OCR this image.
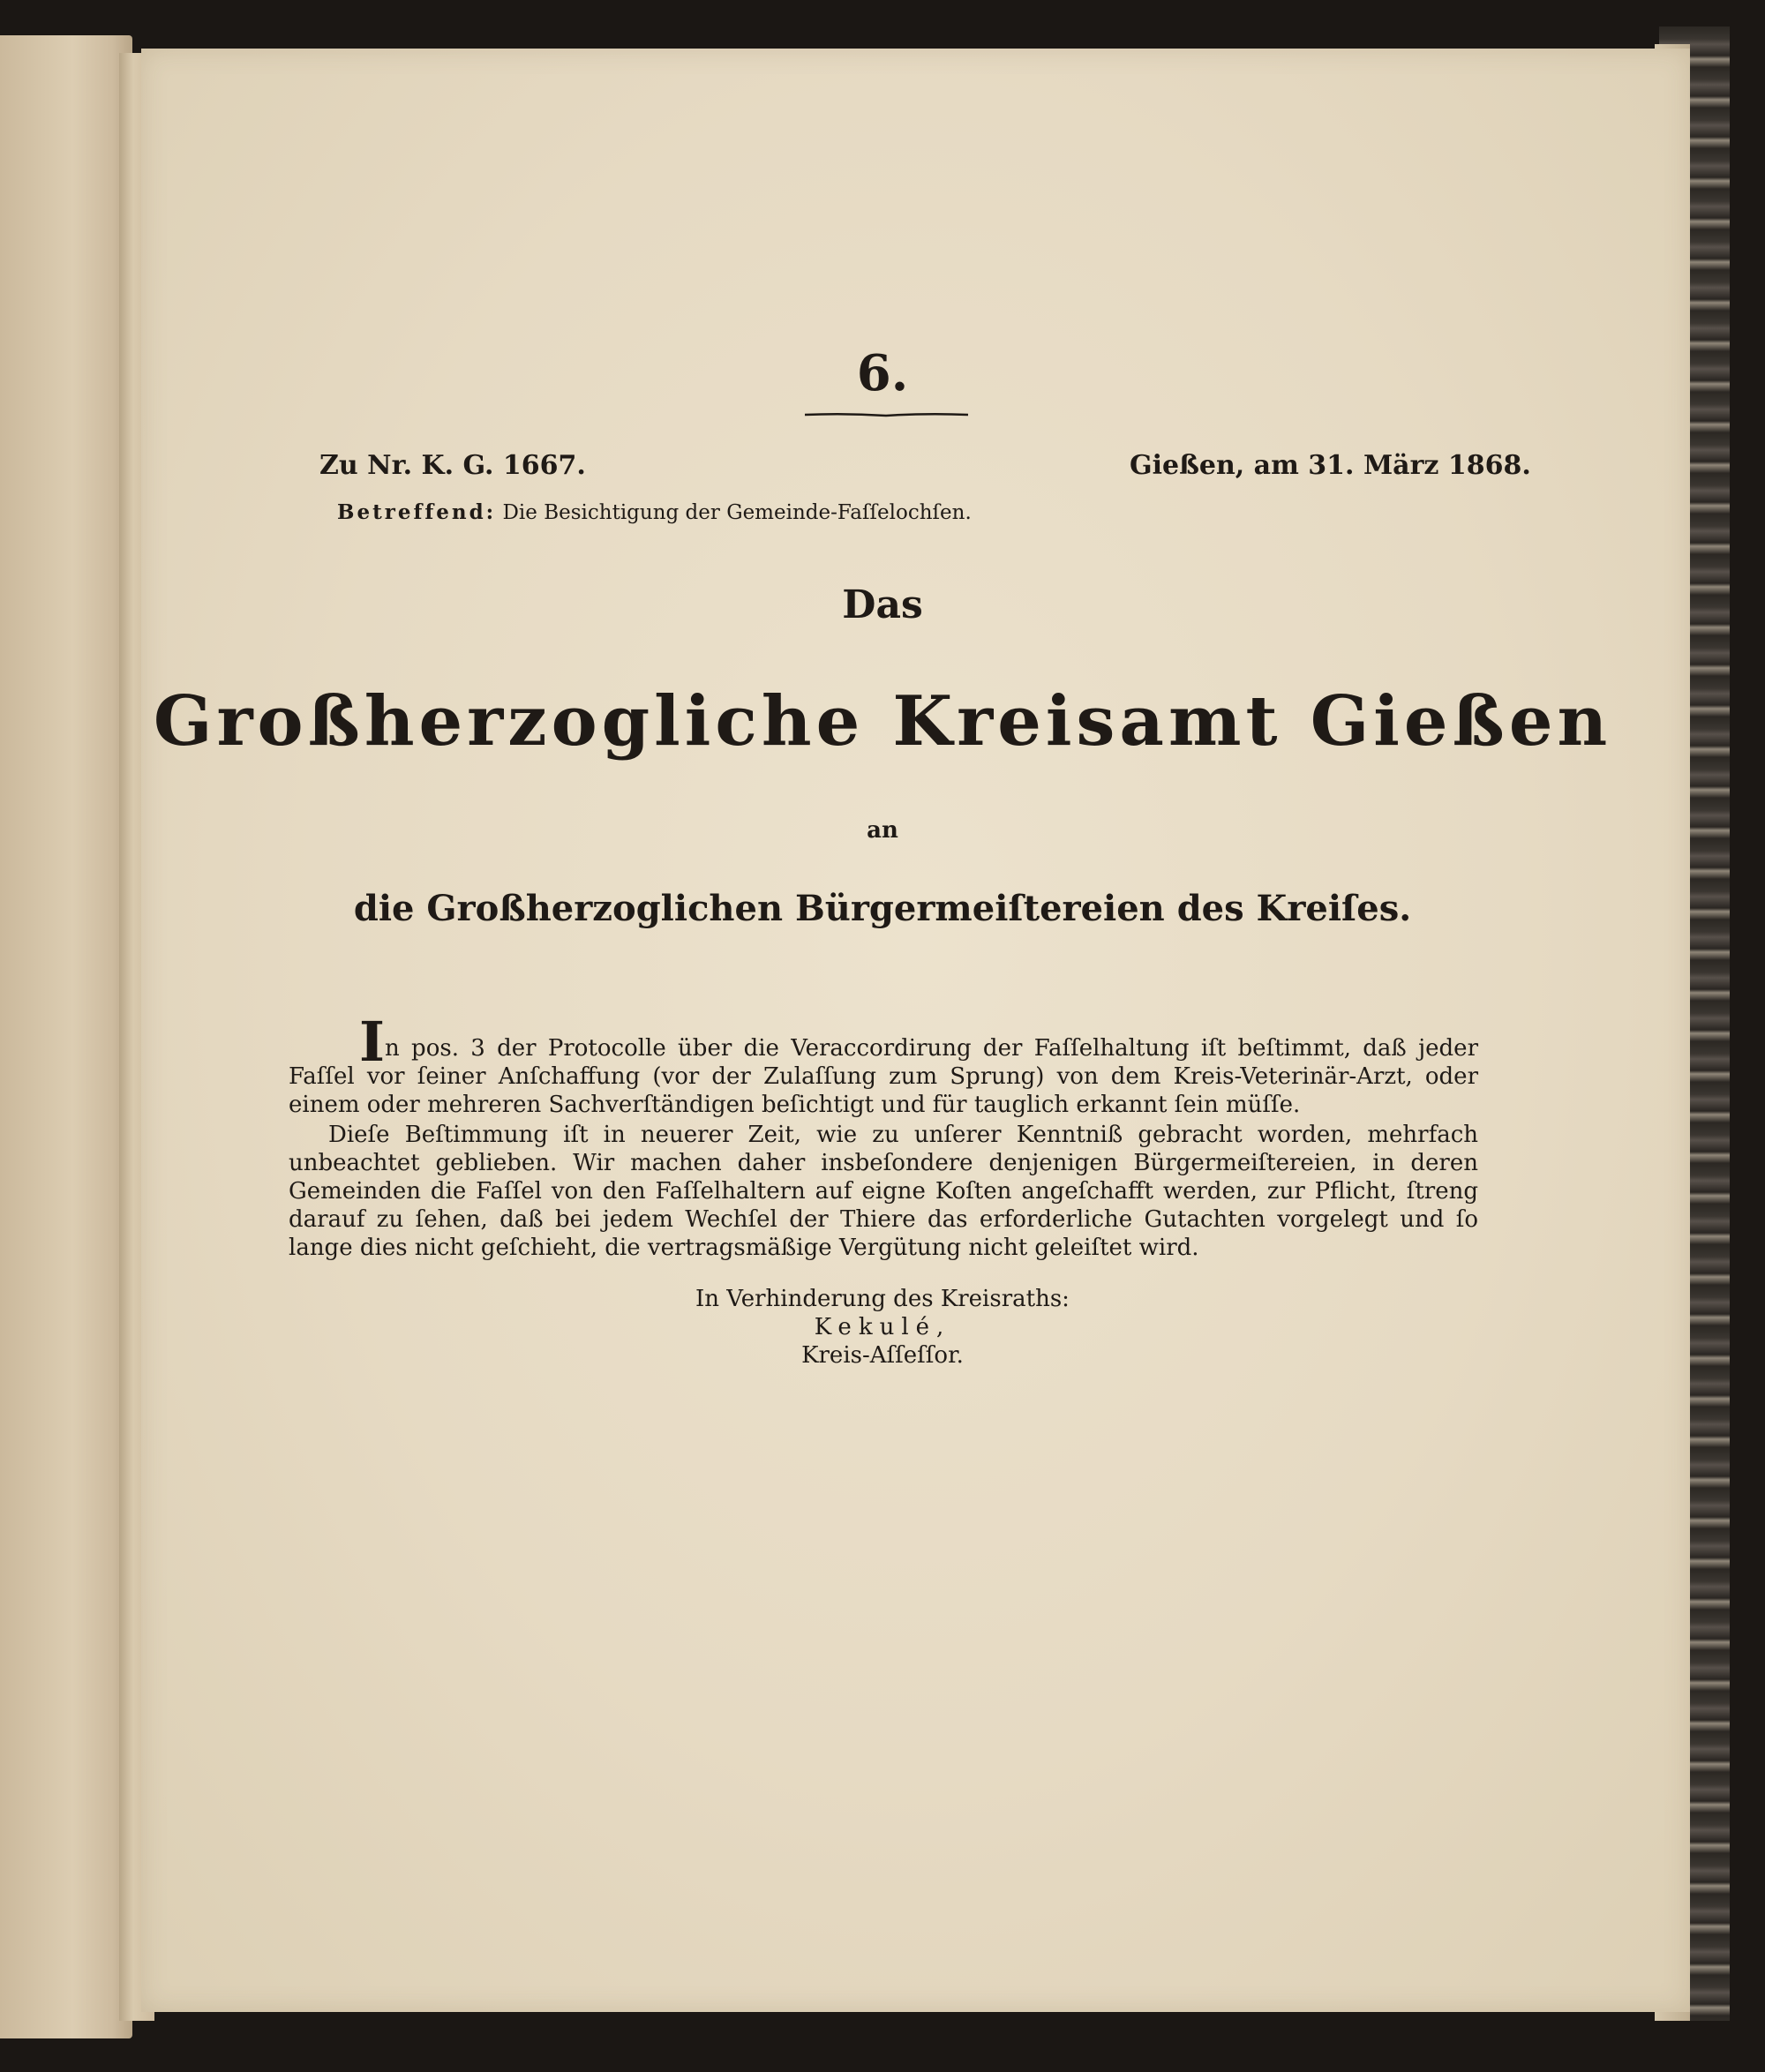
6.
Zu Nr. K. G. 1667.	Gießen, am 31. März 1868.
Betreffend: Die Besichtigung der Gemeinde-Faſſelochſen.
Das
Großherzogliche Kreisamt Gießen
an
die Großherzoglichen Bürgermeiſtereien des Kreiſes.
In pos. 3 der Protocolle über die Veraccordirung der Faſſelhaltung iſt beſtimmt, daß jeder Faſſel vor ſeiner Anſchaffung (vor der Zulaſſung zum Sprung) von dem Kreis-Veterinär-Arzt, oder einem oder mehreren Sachverſtändigen beſichtigt und für tauglich erkannt ſein müſſe.
Dieſe Beſtimmung iſt in neuerer Zeit, wie zu unſerer Kenntniß gebracht worden, mehrfach unbeachtet geblieben. Wir machen daher insbeſondere denjenigen Bürgermeiſtereien, in deren Gemeinden die Faſſel von den Faſſelhaltern auf eigne Koſten angeſchafft werden, zur Pflicht, ſtreng darauf zu ſehen, daß bei jedem Wechſel der Thiere das erforderliche Gutachten vorgelegt und ſo lange dies nicht geſchieht, die vertragsmäßige Vergütung nicht geleiſtet wird.
In Verhinderung des Kreisraths:
Kekulé,
Kreis-Aſſeſſor.
